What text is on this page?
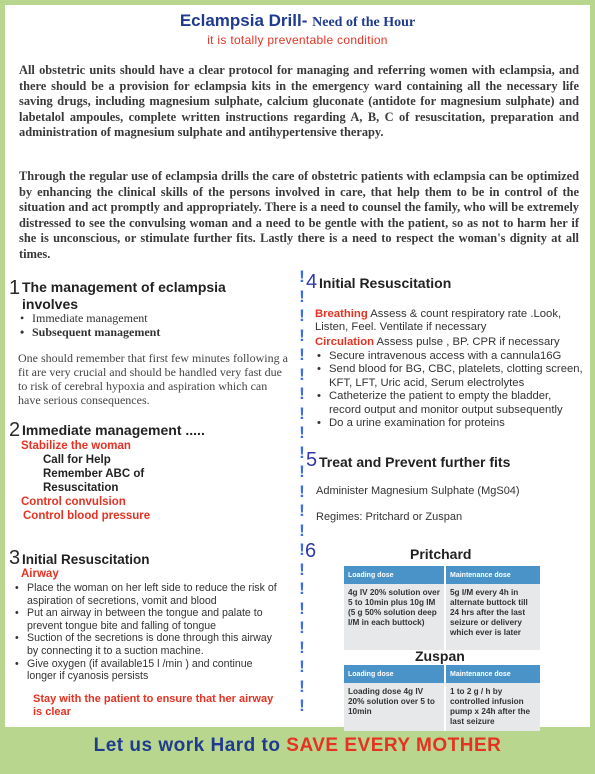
Eclampsia Drill- Need of the Hour
it is totally preventable condition

All obstetric units should have a clear protocol for managing and referring women with eclampsia, and there should be a provision for eclampsia kits in the emergency ward containing all the necessary life saving drugs, including magnesium sulphate, calcium gluconate (antidote for magnesium sulphate) and labetalol ampoules, complete written instructions regarding A, B, C of resuscitation, preparation and administration of magnesium sulphate and antihypertensive therapy.

Through the regular use of eclampsia drills the care of obstetric patients with eclampsia can be optimized by enhancing the clinical skills of the persons involved in care, that help them to be in control of the situation and act promptly and appropriately. There is a need to counsel the family, who will be extremely distressed to see the convulsing woman and a need to be gentle with the patient, so as not to harm her if she is unconscious, or stimulate further fits. Lastly there is a need to respect the woman's dignity at all times.

1 The management of eclampsia involves
• Immediate management
• Subsequent management

One should remember that first few minutes following a fit are very crucial and should be handled very fast due to risk of cerebral hypoxia and aspiration which can have serious consequences.

2 Immediate management .....
Stabilize the woman
Call for Help
Remember ABC of
Resuscitation
Control convulsion
Control blood pressure
3 Initial Resuscitation
Airway
• Place the woman on her left side to reduce the risk of aspiration of secretions, vomit and blood
• Put an airway in between the tongue and palate to prevent tongue bite and falling of tongue
• Suction of the secretions is done through this airway by connecting it to a suction machine.
• Give oxygen (if available15 l /min ) and continue longer if cyanosis persists
Stay with the patient to ensure that her airway is clear
!
!
!
!
!
!
!
!
!
!
!
!
!
!
!
!
!
!
!
!
!
!
!
4 Initial Resuscitation
Breathing Assess & count respiratory rate .Look, Listen, Feel. Ventilate if necessary
Circulation Assess pulse , BP. CPR if necessary
• Secure intravenous access with a cannula16G
• Send blood for BG, CBC, platelets, clotting screen, KFT, LFT, Uric acid, Serum electrolytes
• Catheterize the patient to empty the bladder, record output and monitor output subsequently
• Do a urine examination for proteins
5 Treat and Prevent further fits
Administer Magnesium Sulphate (MgS04)
Regimes: Pritchard or Zuspan
6	Pritchard
Loading dose	Maintenance dose
4g IV 20% solution over 5 to 10min plus 10g IM (5 g 50% solution deep I/M in each buttock)	5g I/M every 4h in alternate buttock till 24 hrs after the last seizure or delivery which ever is later
Zuspan
Loading dose	Maintenance dose
Loading dose 4g IV 20% solution over 5 to 10min	1 to 2 g / h by controlled infusion pump x 24h after the last seizure
Let us work Hard to SAVE EVERY MOTHER
